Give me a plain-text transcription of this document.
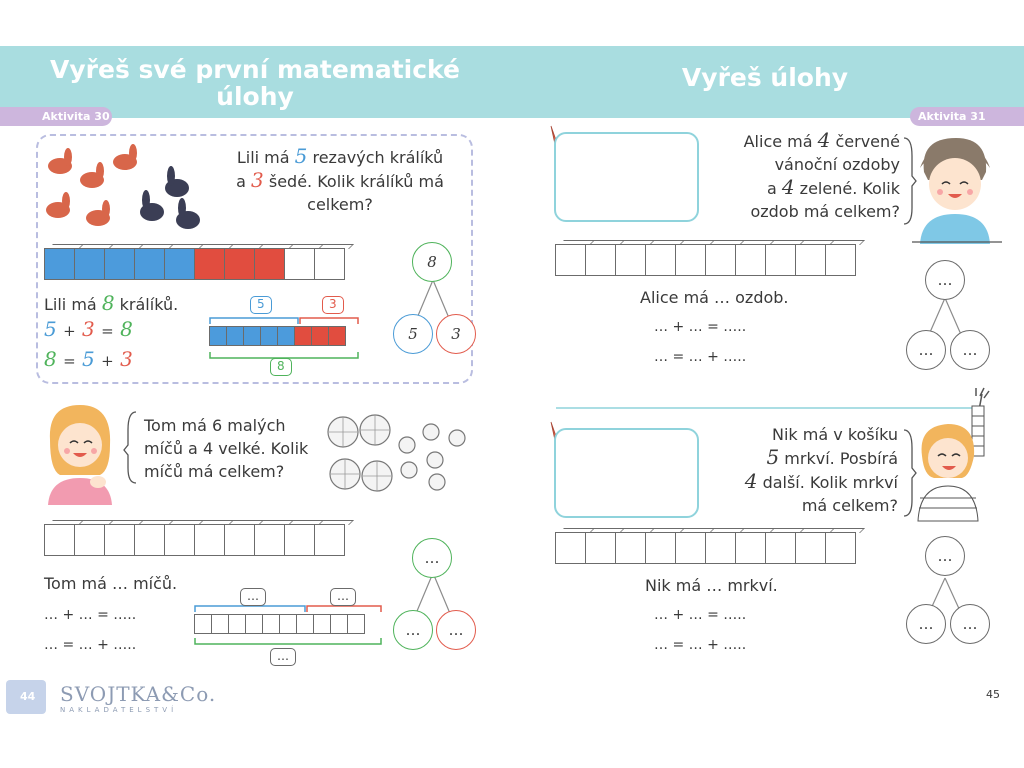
Vyřeš své první matematické úlohy
Vyřeš úlohy
Aktivita 30	Aktivita 31
Lili má 5 rezavých králíků
a 3 šedé. Kolik králíků má
celkem?
Lili má 8 králíků.
5 + 3 = 8
8 = 5 + 3
5	3
8
8
5	3
Tom má 6 malých
míčů a 4 velké. Kolik
míčů má celkem?
Tom má … míčů.
… + … = …..
… = … + …..
…	…
…
…
…	…
Alice má 4 červené
vánoční ozdoby
a 4 zelené. Kolik
ozdob má celkem?
Alice má … ozdob.
… + … = …..
… = … + …..
…
…	…
Nik má v košíku
5 mrkví. Posbírá
4 další. Kolik mrkví
má celkem?
Nik má … mrkví.
… + … = …..
… = … + …..
…
…	…
44 SVOJTKA&Co.
NAKLADATELSTVÍ
45
